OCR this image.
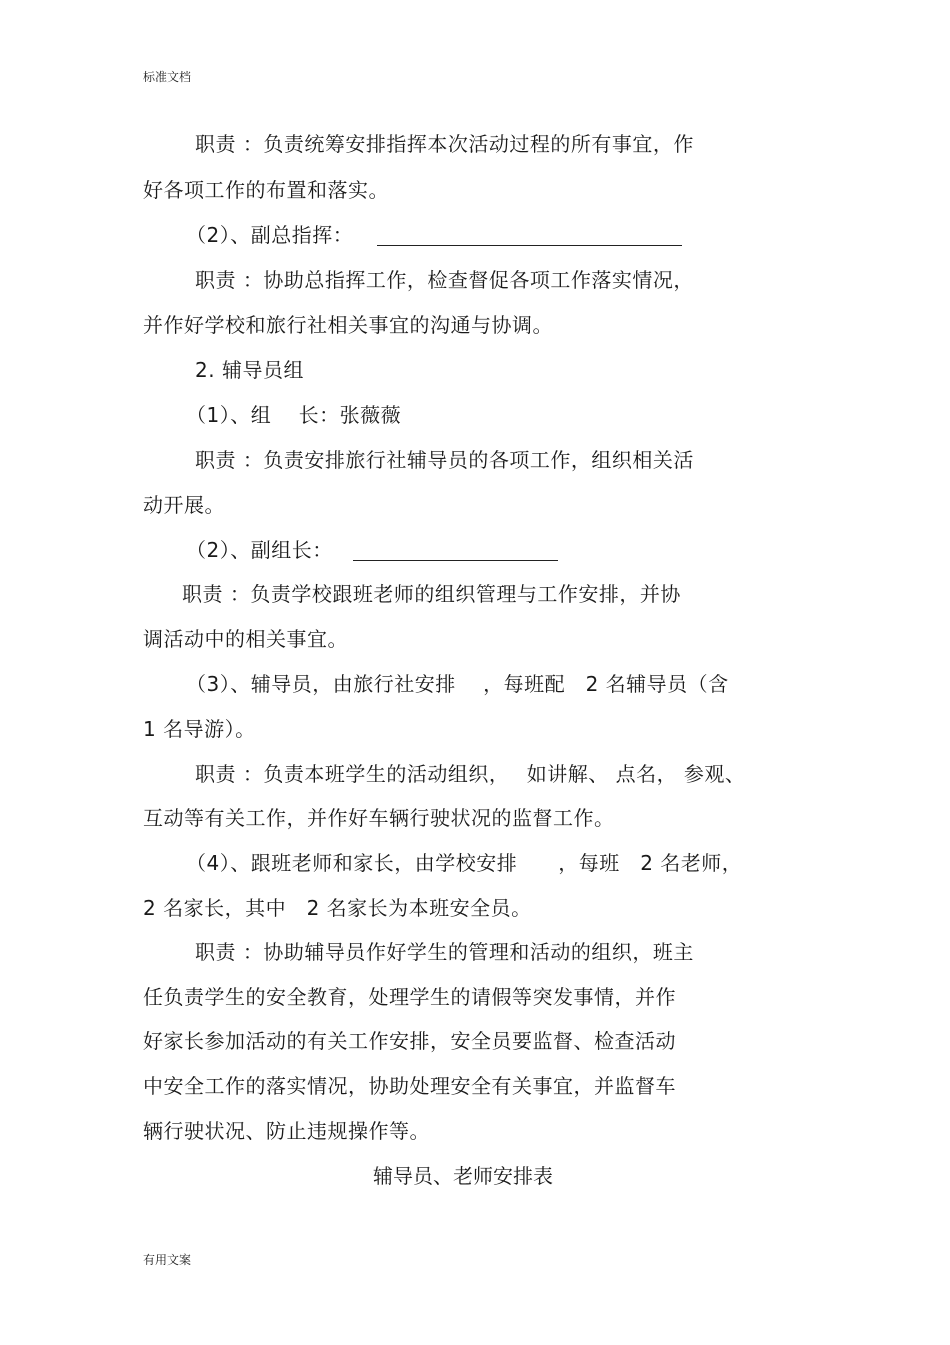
标准文档
职责 ：负责统筹安排指挥本次活动过程的所有事宜，作
好各项工作的布置和落实。
（2）、副总指挥：
职责 ：协助总指挥工作，检查督促各项工作落实情况，
并作好学校和旅行社相关事宜的沟通与协调。
2. 辅导员组
（1）、组　 长：张薇薇
职责 ：负责安排旅行社辅导员的各项工作，组织相关活
动开展。
（2）、副组长：
职责 ：负责学校跟班老师的组织管理与工作安排，并协
调活动中的相关事宜。
（3）、辅导员，由旅行社安排　 ，每班配　2 名辅导员（含
1 名导游）。
职责 ：负责本班学生的活动组织，　 如讲解、 点名， 参观、
互动等有关工作，并作好车辆行驶状况的监督工作。
（4）、跟班老师和家长，由学校安排　　，每班　2 名老师，
2 名家长，其中　2 名家长为本班安全员。
职责 ：协助辅导员作好学生的管理和活动的组织，班主
任负责学生的安全教育，处理学生的请假等突发事情，并作
好家长参加活动的有关工作安排，安全员要监督、检查活动
中安全工作的落实情况，协助处理安全有关事宜，并监督车
辆行驶状况、防止违规操作等。
辅导员、老师安排表
有用文案
